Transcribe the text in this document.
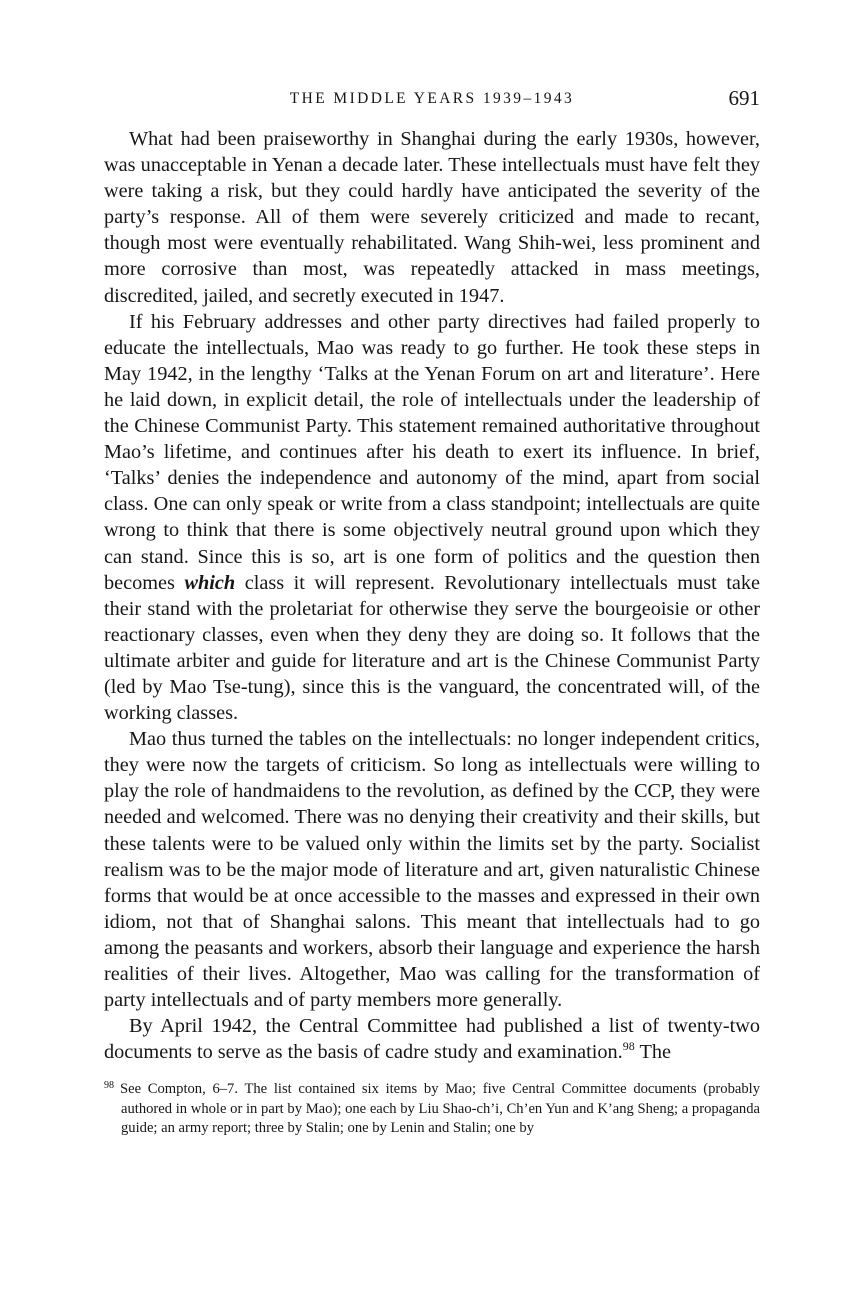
THE MIDDLE YEARS 1939–1943	691

What had been praiseworthy in Shanghai during the early 1930s, however, was unacceptable in Yenan a decade later. These intellectuals must have felt they were taking a risk, but they could hardly have anticipated the severity of the party’s response. All of them were severely criticized and made to recant, though most were eventually rehabilitated. Wang Shih-wei, less prominent and more corrosive than most, was repeatedly attacked in mass meetings, discredited, jailed, and secretly executed in 1947.

If his February addresses and other party directives had failed properly to educate the intellectuals, Mao was ready to go further. He took these steps in May 1942, in the lengthy ‘Talks at the Yenan Forum on art and literature’. Here he laid down, in explicit detail, the role of intellectuals under the leadership of the Chinese Communist Party. This statement remained authoritative throughout Mao’s lifetime, and continues after his death to exert its influence. In brief, ‘Talks’ denies the independence and autonomy of the mind, apart from social class. One can only speak or write from a class standpoint; intellectuals are quite wrong to think that there is some objectively neutral ground upon which they can stand. Since this is so, art is one form of politics and the question then becomes which class it will represent. Revolutionary intellectuals must take their stand with the proletariat for otherwise they serve the bourgeoisie or other reactionary classes, even when they deny they are doing so. It follows that the ultimate arbiter and guide for literature and art is the Chinese Communist Party (led by Mao Tse-tung), since this is the vanguard, the concentrated will, of the working classes.

Mao thus turned the tables on the intellectuals: no longer independent critics, they were now the targets of criticism. So long as intellectuals were willing to play the role of handmaidens to the revolution, as defined by the CCP, they were needed and welcomed. There was no denying their creativity and their skills, but these talents were to be valued only within the limits set by the party. Socialist realism was to be the major mode of literature and art, given naturalistic Chinese forms that would be at once accessible to the masses and expressed in their own idiom, not that of Shanghai salons. This meant that intellectuals had to go among the peasants and workers, absorb their language and experience the harsh realities of their lives. Altogether, Mao was calling for the transformation of party intellectuals and of party members more generally.

By April 1942, the Central Committee had published a list of twenty-two documents to serve as the basis of cadre study and examination.$^{98}$ The

$^{98}$ See Compton, 6–7. The list contained six items by Mao; five Central Committee documents (probably authored in whole or in part by Mao); one each by Liu Shao-ch’i, Ch’en Yun and K’ang Sheng; a propaganda guide; an army report; three by Stalin; one by Lenin and Stalin; one by
